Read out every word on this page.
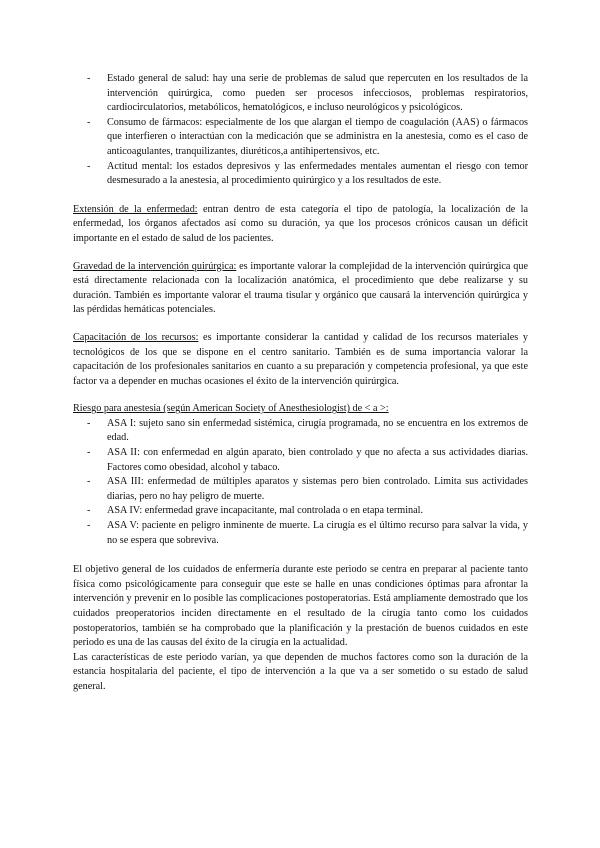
- Estado general de salud: hay una serie de problemas de salud que repercuten en los resultados de la intervención quirúrgica, como pueden ser procesos infecciosos, problemas respiratorios, cardiocirculatorios, metabólicos, hematológicos, e incluso neurológicos y psicológicos.
- Consumo de fármacos: especialmente de los que alargan el tiempo de coagulación (AAS) o fármacos que interfieren o interactúan con la medicación que se administra en la anestesia, como es el caso de anticoagulantes, tranquilizantes, diuréticos,a antihipertensivos, etc.
- Actitud mental: los estados depresivos y las enfermedades mentales aumentan el riesgo con temor desmesurado a la anestesia, al procedimiento quirúrgico y a los resultados de este.

Extensión de la enfermedad: entran dentro de esta categoría el tipo de patología, la localización de la enfermedad, los órganos afectados así como su duración, ya que los procesos crónicos causan un déficit importante en el estado de salud de los pacientes.

Gravedad de la intervención quirúrgica: es importante valorar la complejidad de la intervención quirúrgica que está directamente relacionada con la localización anatómica, el procedimiento que debe realizarse y su duración. También es importante valorar el trauma tisular y orgánico que causará la intervención quirúrgica y las pérdidas hemáticas potenciales.

Capacitación de los recursos: es importante considerar la cantidad y calidad de los recursos materiales y tecnológicos de los que se dispone en el centro sanitario. También es de suma importancia valorar la capacitación de los profesionales sanitarios en cuanto a su preparación y competencia profesional, ya que este factor va a depender en muchas ocasiones el éxito de la intervención quirúrgica.

Riesgo para anestesia (según American Society of Anesthesiologist) de < a >:

- ASA I: sujeto sano sin enfermedad sistémica, cirugía programada, no se encuentra en los extremos de edad.
- ASA II: con enfermedad en algún aparato, bien controlado y que no afecta a sus actividades diarias. Factores como obesidad, alcohol y tabaco.
- ASA III: enfermedad de múltiples aparatos y sistemas pero bien controlado. Limita sus actividades diarias, pero no hay peligro de muerte.
- ASA IV: enfermedad grave incapacitante, mal controlada o en etapa terminal.
- ASA V: paciente en peligro inminente de muerte. La cirugía es el último recurso para salvar la vida, y no se espera que sobreviva.

El objetivo general de los cuidados de enfermería durante este periodo se centra en preparar al paciente tanto física como psicológicamente para conseguir que este se halle en unas condiciones óptimas para afrontar la intervención y prevenir en lo posible las complicaciones postoperatorias. Está ampliamente demostrado que los cuidados preoperatorios inciden directamente en el resultado de la cirugía tanto como los cuidados postoperatorios, también se ha comprobado que la planificación y la prestación de buenos cuidados en este periodo es una de las causas del éxito de la cirugía en la actualidad.

Las características de este periodo varían, ya que dependen de muchos factores como son la duración de la estancia hospitalaria del paciente, el tipo de intervención a la que va a ser sometido o su estado de salud general.
